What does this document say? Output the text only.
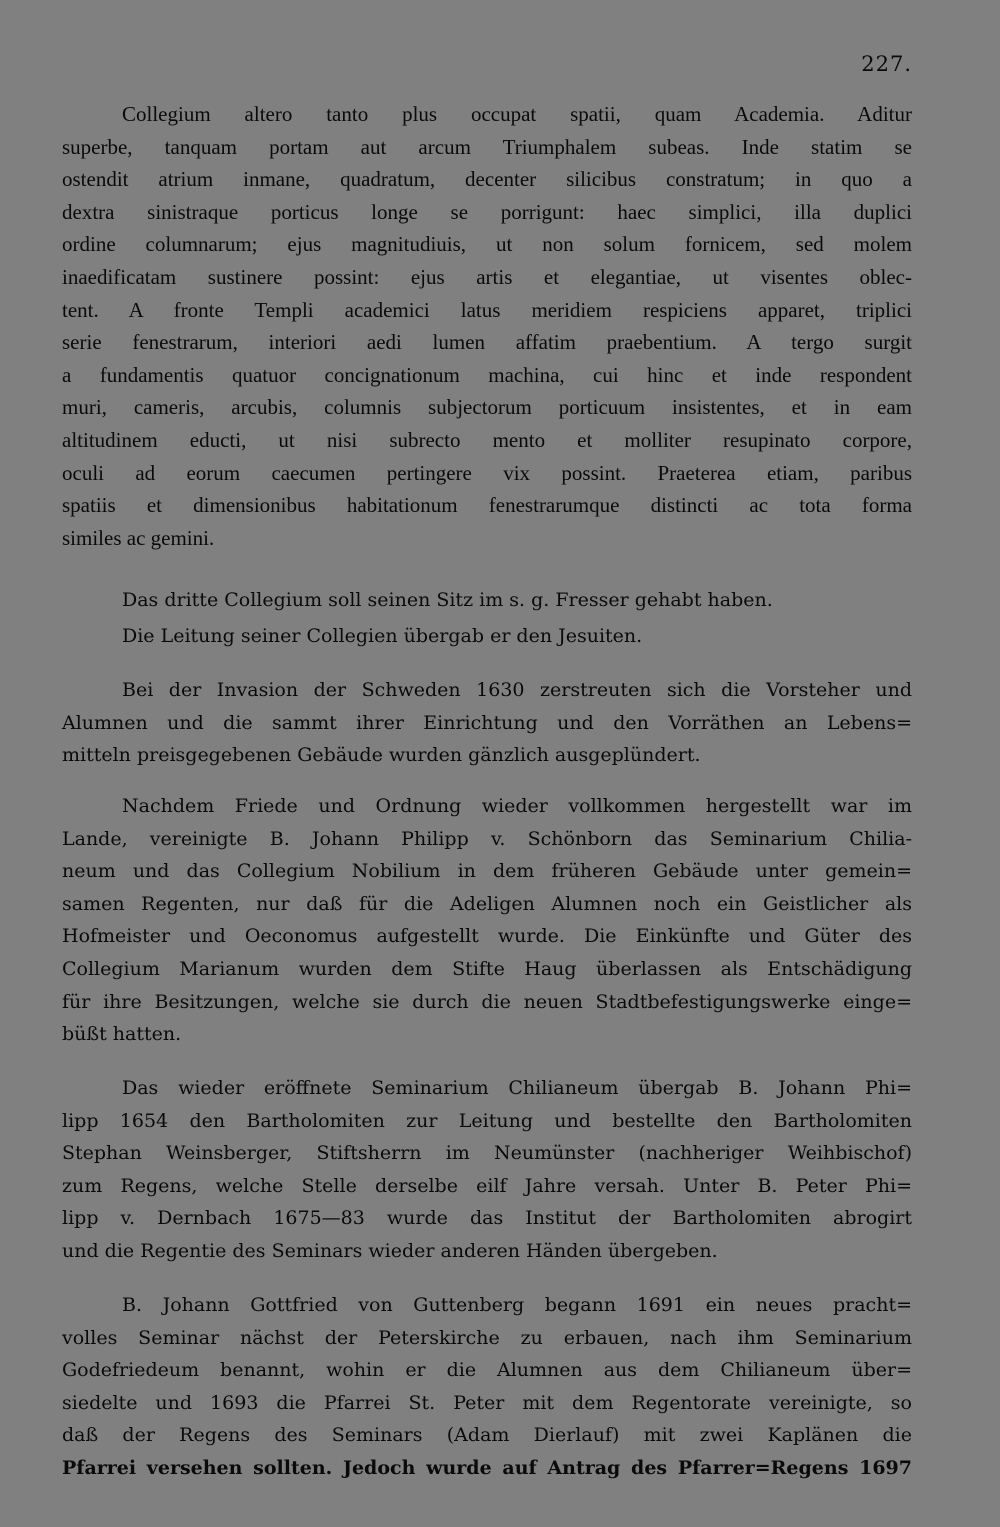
227.
Collegium altero tanto plus occupat spatii, quam Academia. Aditur
superbe, tanquam portam aut arcum Triumphalem subeas. Inde statim se
ostendit atrium inmane, quadratum, decenter silicibus constratum; in quo a
dextra sinistraque porticus longe se porrigunt: haec simplici, illa duplici
ordine columnarum; ejus magnitudiuis, ut non solum fornicem, sed molem
inaedificatam sustinere possint: ejus artis et elegantiae, ut visentes oblec-
tent. A fronte Templi academici latus meridiem respiciens apparet, triplici
serie fenestrarum, interiori aedi lumen affatim praebentium. A tergo surgit
a fundamentis quatuor concignationum machina, cui hinc et inde respondent
muri, cameris, arcubis, columnis subjectorum porticuum insistentes, et in eam
altitudinem educti, ut nisi subrecto mento et molliter resupinato corpore,
oculi ad eorum caecumen pertingere vix possint. Praeterea etiam, paribus
spatiis et dimensionibus habitationum fenestrarumque distincti ac tota forma
similes ac gemini.
Das dritte Collegium soll seinen Sitz im s. g. Fresser gehabt haben.
Die Leitung seiner Collegien übergab er den Jesuiten.
Bei der Invasion der Schweden 1630 zerstreuten sich die Vorsteher und
Alumnen und die sammt ihrer Einrichtung und den Vorräthen an Lebens=
mitteln preisgegebenen Gebäude wurden gänzlich ausgeplündert.
Nachdem Friede und Ordnung wieder vollkommen hergestellt war im
Lande, vereinigte B. Johann Philipp v. Schönborn das Seminarium Chilia-
neum und das Collegium Nobilium in dem früheren Gebäude unter gemein=
samen Regenten, nur daß für die Adeligen Alumnen noch ein Geistlicher als
Hofmeister und Oeconomus aufgestellt wurde. Die Einkünfte und Güter des
Collegium Marianum wurden dem Stifte Haug überlassen als Entschädigung
für ihre Besitzungen, welche sie durch die neuen Stadtbefestigungswerke einge=
büßt hatten.
Das wieder eröffnete Seminarium Chilianeum übergab B. Johann Phi=
lipp 1654 den Bartholomiten zur Leitung und bestellte den Bartholomiten
Stephan Weinsberger, Stiftsherrn im Neumünster (nachheriger Weihbischof)
zum Regens, welche Stelle derselbe eilf Jahre versah. Unter B. Peter Phi=
lipp v. Dernbach 1675—83 wurde das Institut der Bartholomiten abrogirt
und die Regentie des Seminars wieder anderen Händen übergeben.
B. Johann Gottfried von Guttenberg begann 1691 ein neues pracht=
volles Seminar nächst der Peterskirche zu erbauen, nach ihm Seminarium
Godefriedeum benannt, wohin er die Alumnen aus dem Chilianeum über=
siedelte und 1693 die Pfarrei St. Peter mit dem Regentorate vereinigte, so
daß der Regens des Seminars (Adam Dierlauf) mit zwei Kaplänen die
Pfarrei versehen sollten. Jedoch wurde auf Antrag des Pfarrer=Regens 1697
